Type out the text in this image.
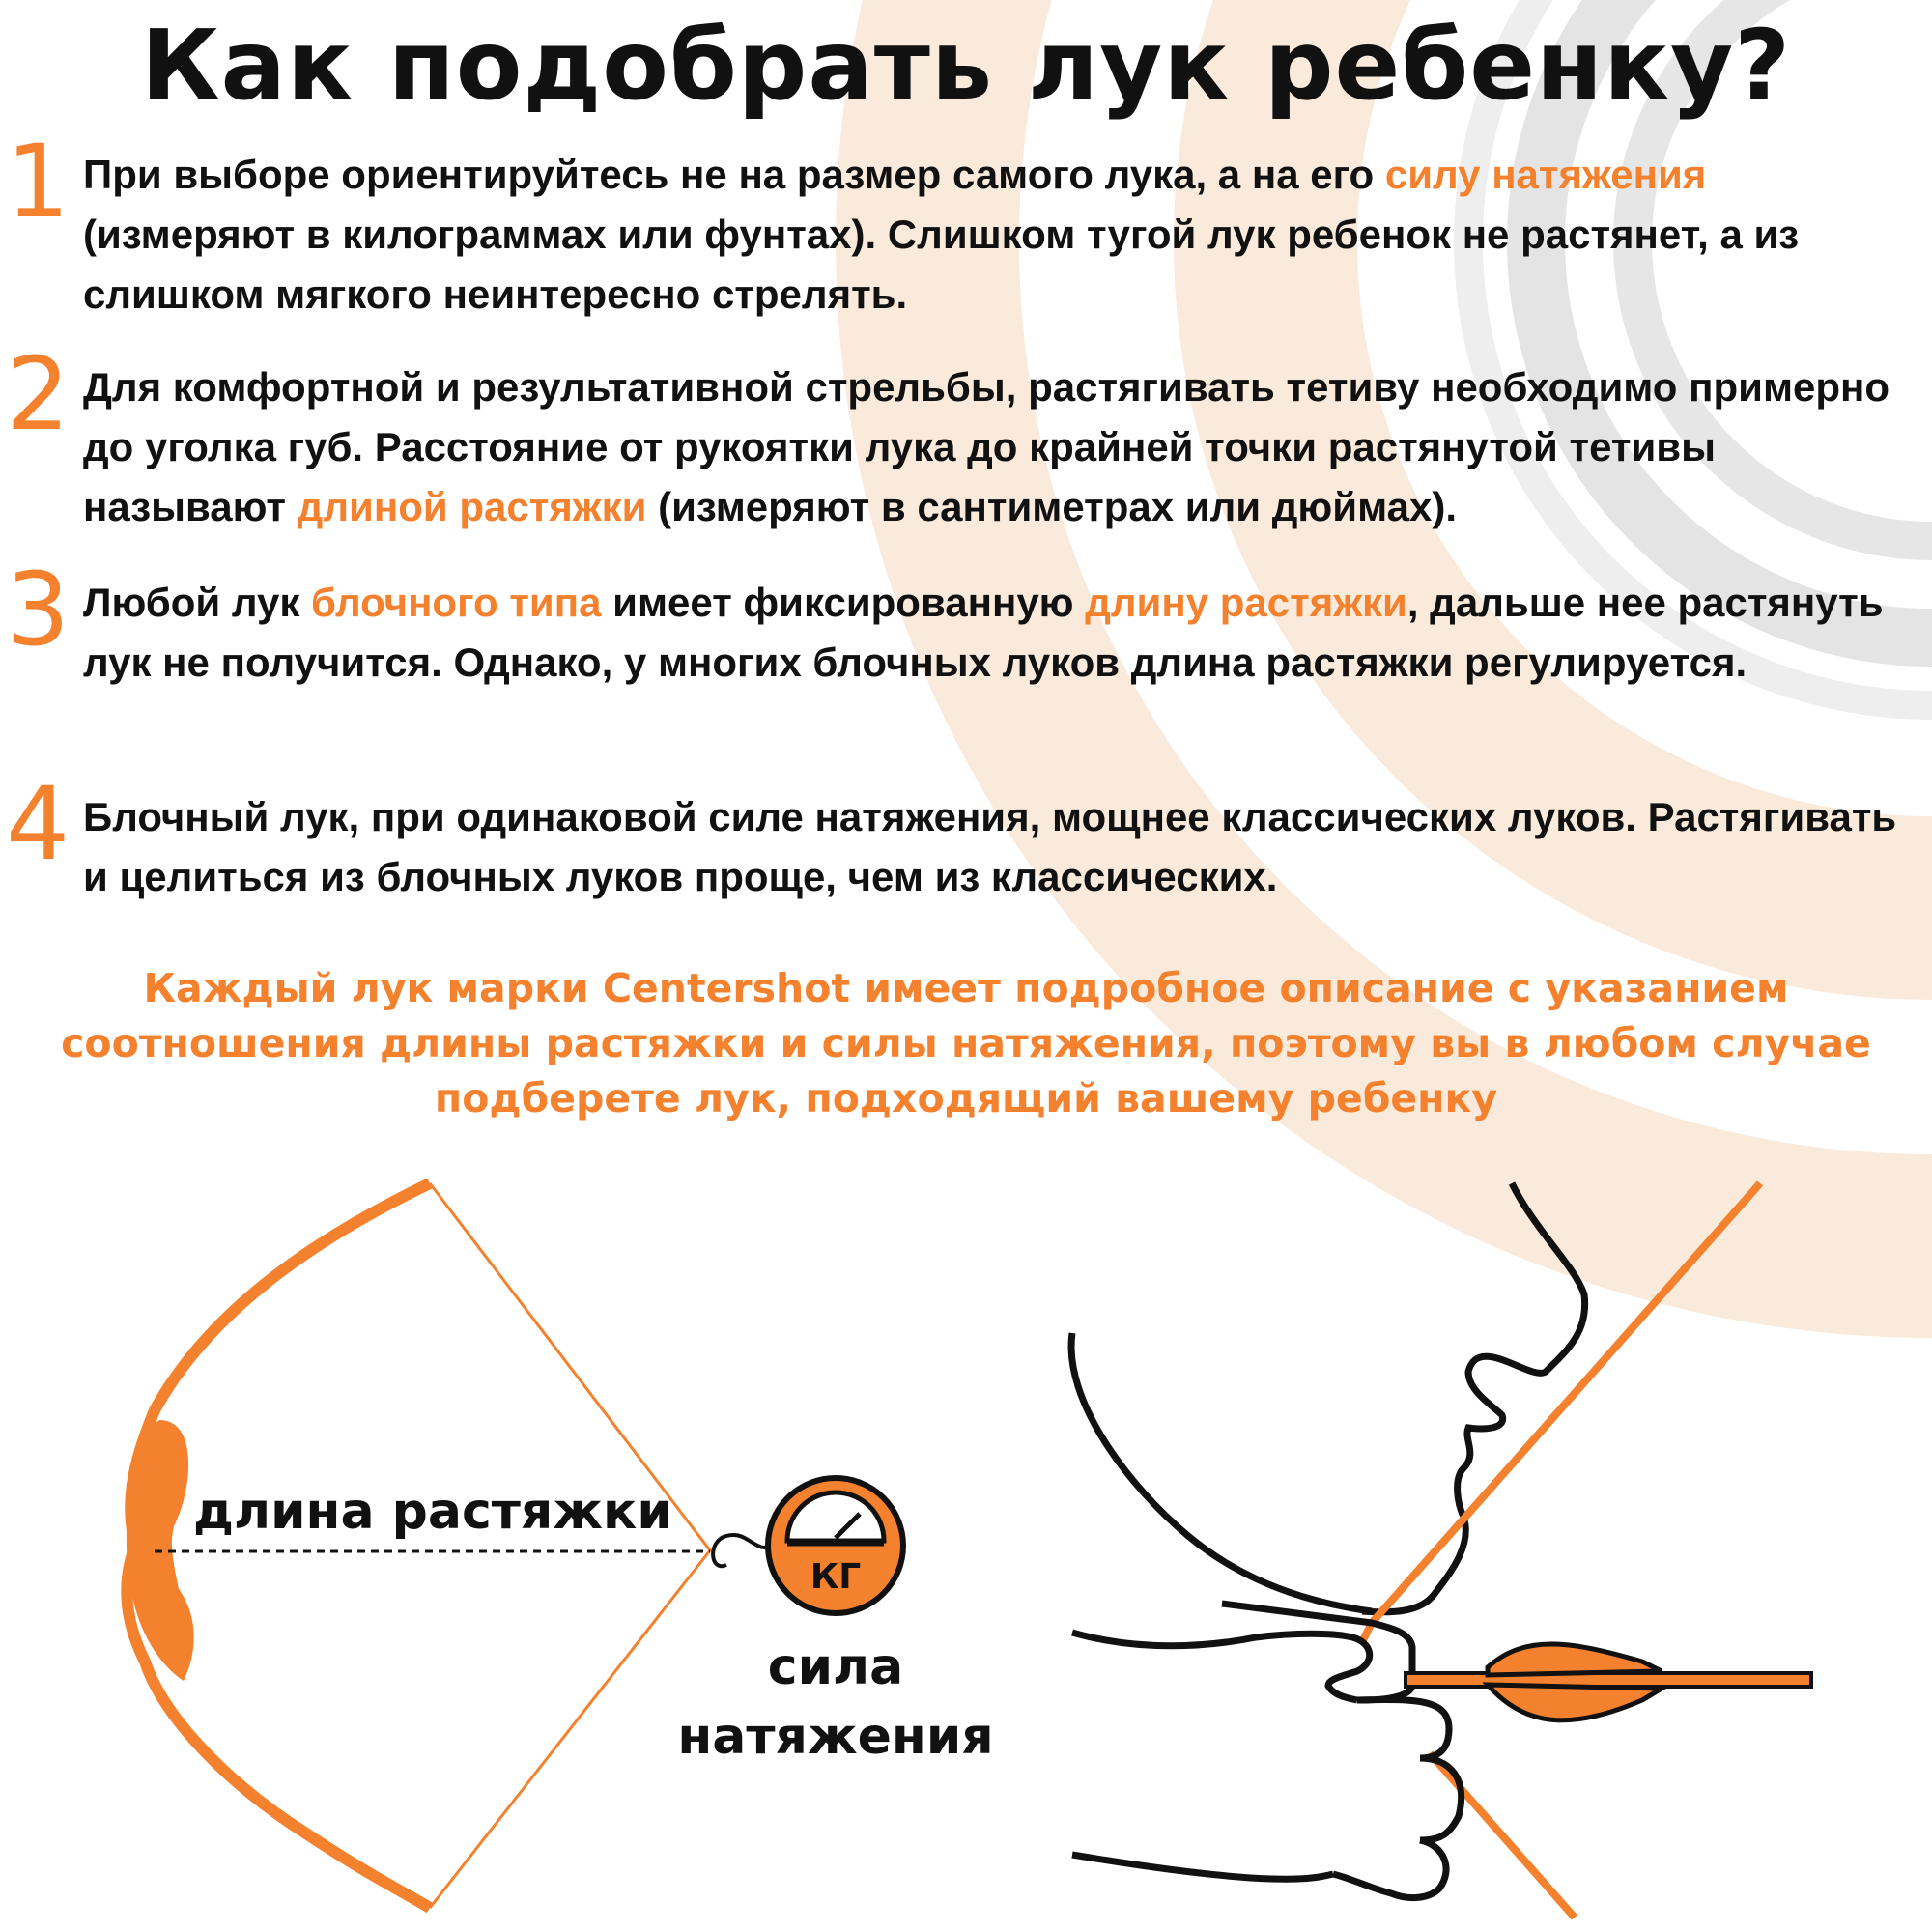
Как подобрать лук ребенку?
1 При выборе ориентируйтесь не на размер самого лука, а на его силу натяжения (измеряют в килограммах или фунтах). Слишком тугой лук ребенок не растянет, а из слишком мягкого неинтересно стрелять.
2 Для комфортной и результативной стрельбы, растягивать тетиву необходимо примерно до уголка губ. Расстояние от рукоятки лука до крайней точки растянутой тетивы называют длиной растяжки (измеряют в сантиметрах или дюймах).
3 Любой лук блочного типа имеет фиксированную длину растяжки, дальше нее растянуть лук не получится. Однако, у многих блочных луков длина растяжки регулируется.
4 Блочный лук, при одинаковой силе натяжения, мощнее классических луков. Растягивать и целиться из блочных луков проще, чем из классических.
Каждый лук марки Centershot имеет подробное описание с указанием соотношения длины растяжки и силы натяжения, поэтому вы в любом случае подберете лук, подходящий вашему ребенку
КГ
длина растяжки
сила
натяжения
